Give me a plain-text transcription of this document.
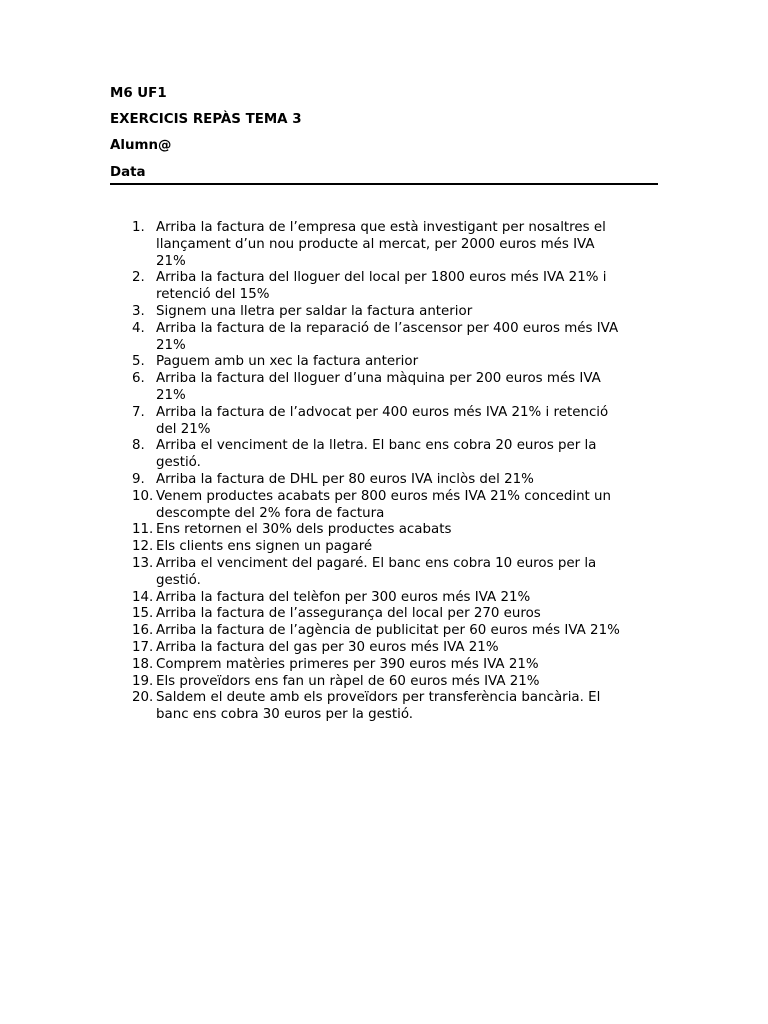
M6 UF1

EXERCICIS REPÀS TEMA 3

Alumn@

Data

1. Arriba la factura de l’empresa que està investigant per nosaltres el
llançament d’un nou producte al mercat, per 2000 euros més IVA
21%
2. Arriba la factura del lloguer del local per 1800 euros més IVA 21% i
retenció del 15%
3. Signem una lletra per saldar la factura anterior
4. Arriba la factura de la reparació de l’ascensor per 400 euros més IVA
21%
5. Paguem amb un xec la factura anterior
6. Arriba la factura del lloguer d’una màquina per 200 euros més IVA
21%
7. Arriba la factura de l’advocat per 400 euros més IVA 21% i retenció
del 21%
8. Arriba el venciment de la lletra. El banc ens cobra 20 euros per la
gestió.
9. Arriba la factura de DHL per 80 euros IVA inclòs del 21%
10. Venem productes acabats per 800 euros més IVA 21% concedint un
descompte del 2% fora de factura
11. Ens retornen el 30% dels productes acabats
12. Els clients ens signen un pagaré
13. Arriba el venciment del pagaré. El banc ens cobra 10 euros per la
gestió.
14. Arriba la factura del telèfon per 300 euros més IVA 21%
15. Arriba la factura de l’assegurança del local per 270 euros
16. Arriba la factura de l’agència de publicitat per 60 euros més IVA 21%
17. Arriba la factura del gas per 30 euros més IVA 21%
18. Comprem matèries primeres per 390 euros més IVA 21%
19. Els proveïdors ens fan un ràpel de 60 euros més IVA 21%
20. Saldem el deute amb els proveïdors per transferència bancària. El
banc ens cobra 30 euros per la gestió.
